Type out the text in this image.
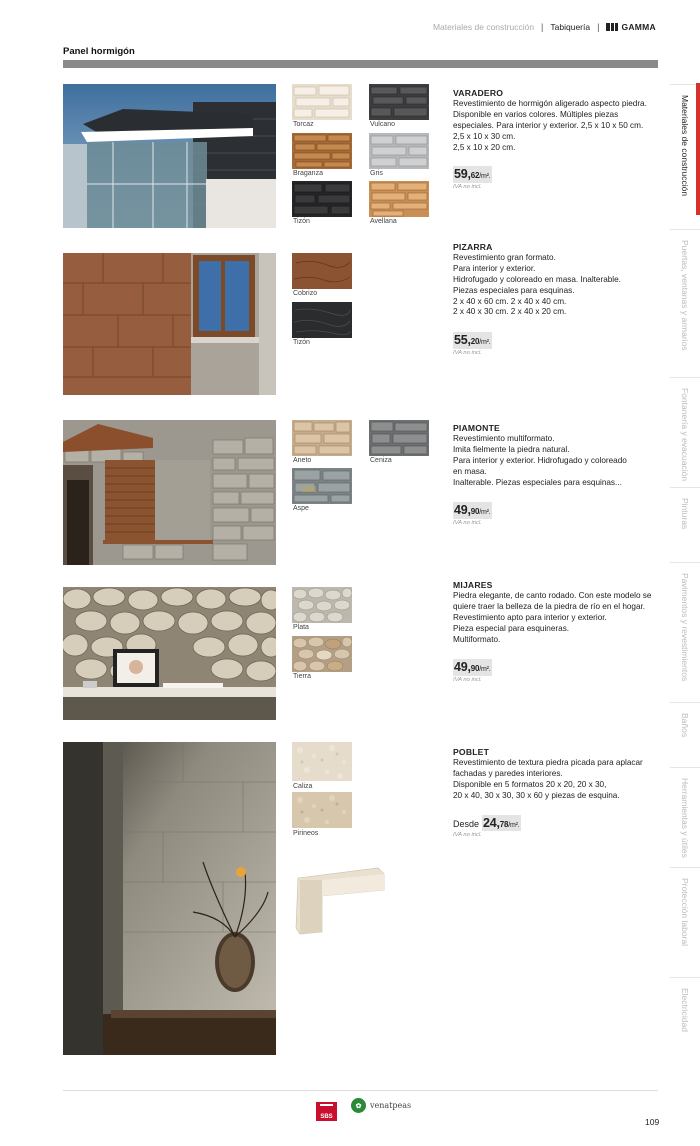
Materiales de construcción | Tabiquería |	GAMMA
Panel hormigón
Materiales de construcción
Puertas, ventanas y armarios
Fontanería y evacuación
Pinturas
Pavimentos y revestimientos
Baños
Herramientas y útiles
Protección laboral
Electricidad
Torcaz	Vulcano
Braganza	Gris
Tizón	Avellana
VARADERO
Revestimiento de hormigón aligerado aspecto piedra.
Disponible en varios colores. Múltiples piezas
especiales. Para interior y exterior. 2,5 x 10 x 50 cm.
2,5 x 10 x 30 cm.
2,5 x 10 x 20 cm.
59,62/m².
IVA no incl.
Cobrizo
Tizón
PIZARRA
Revestimiento gran formato.
Para interior y exterior.
Hidrofugado y coloreado en masa. Inalterable.
Piezas especiales para esquinas.
2 x 40 x 60 cm. 2 x 40 x 40 cm.
2 x 40 x 30 cm. 2 x 40 x 20 cm.
55,20/m².
IVA no incl.
Aneto	Ceniza
Aspe
PIAMONTE
Revestimiento multiformato.
Imita fielmente la piedra natural.
Para interior y exterior. Hidrofugado y coloreado
en masa.
Inalterable. Piezas especiales para esquinas...
49,90/m².
IVA no incl.
Plata
Tierra
MIJARES
Piedra elegante, de canto rodado. Con este modelo se
quiere traer la belleza de la piedra de río en el hogar.
Revestimiento apto para interior y exterior.
Pieza especial para esquineras.
Multiformato.
49,90/m².
IVA no incl.
Caliza
Pirineos
POBLET
Revestimiento de textura piedra picada para aplacar
fachadas y paredes interiores.
Disponible en 5 formatos 20 x 20, 20 x 30,
20 x 40, 30 x 30, 30 x 60 y piezas de esquina.
Desde 24,78/m².
IVA no incl.
SBS
✿	venatpeas
109
